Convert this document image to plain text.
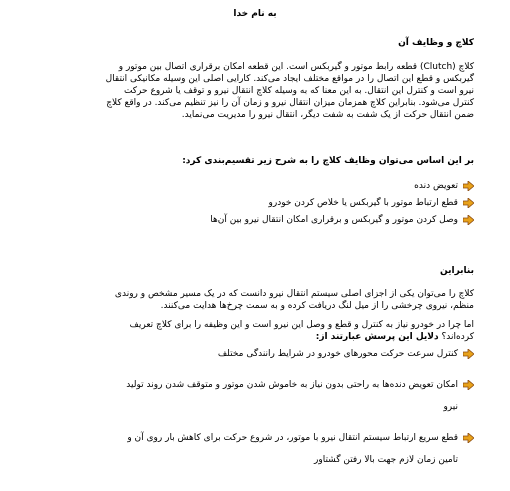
به نام خدا
کلاچ و وظایف آن
کلاچ (Clutch) قطعه رابط موتور و گیربکس است. این قطعه امکان برقراری اتصال بین موتور و
گیربکس و قطع این اتصال را در مواقع مختلف ایجاد می‌کند. کارایی اصلی این وسیله مکانیکی انتقال
نیرو است و کنترل این انتقال. به این معنا که به وسیله کلاچ انتقال نیرو و توقف یا شروع حرکت
کنترل می‌شود. بنابراین کلاچ همزمان میزان انتقال نیرو و زمان آن را نیز تنظیم می‌کند. در واقع کلاچ
ضمن انتقال حرکت از یک شفت به شفت دیگر، انتقال نیرو را مدیریت می‌نماید.
بر این اساس می‌توان وظایف کلاچ را به شرح زیر تقسیم‌بندی کرد:
تعویض دنده
قطع ارتباط موتور با گیربکس یا خلاص کردن خودرو
وصل کردن موتور و گیربکس و برقراری امکان انتقال نیرو بین آن‌ها
بنابراین
کلاچ را می‌توان یکی از اجزای اصلی سیستم انتقال نیرو دانست که در یک مسیر مشخص و روندی
منظم، نیروی چرخشی را از میل لنگ دریافت کرده و به سمت چرخ‌ها هدایت می‌کنند.
اما چرا در خودرو نیاز به کنترل و قطع و وصل این نیرو است و این وظیفه را برای کلاچ تعریف
کرده‌اند؟ دلایل این پرسش عبارتند از:
کنترل سرعت حرکت محورهای خودرو در شرایط رانندگی مختلف
امکان تعویض دنده‌ها به راحتی بدون نیاز به خاموش شدن موتور و متوقف شدن روند تولید
نیرو
قطع سریع ارتباط سیستم انتقال نیرو با موتور، در شروع حرکت برای کاهش بار روی آن و
تامین زمان لازم جهت بالا رفتن گشتاور
